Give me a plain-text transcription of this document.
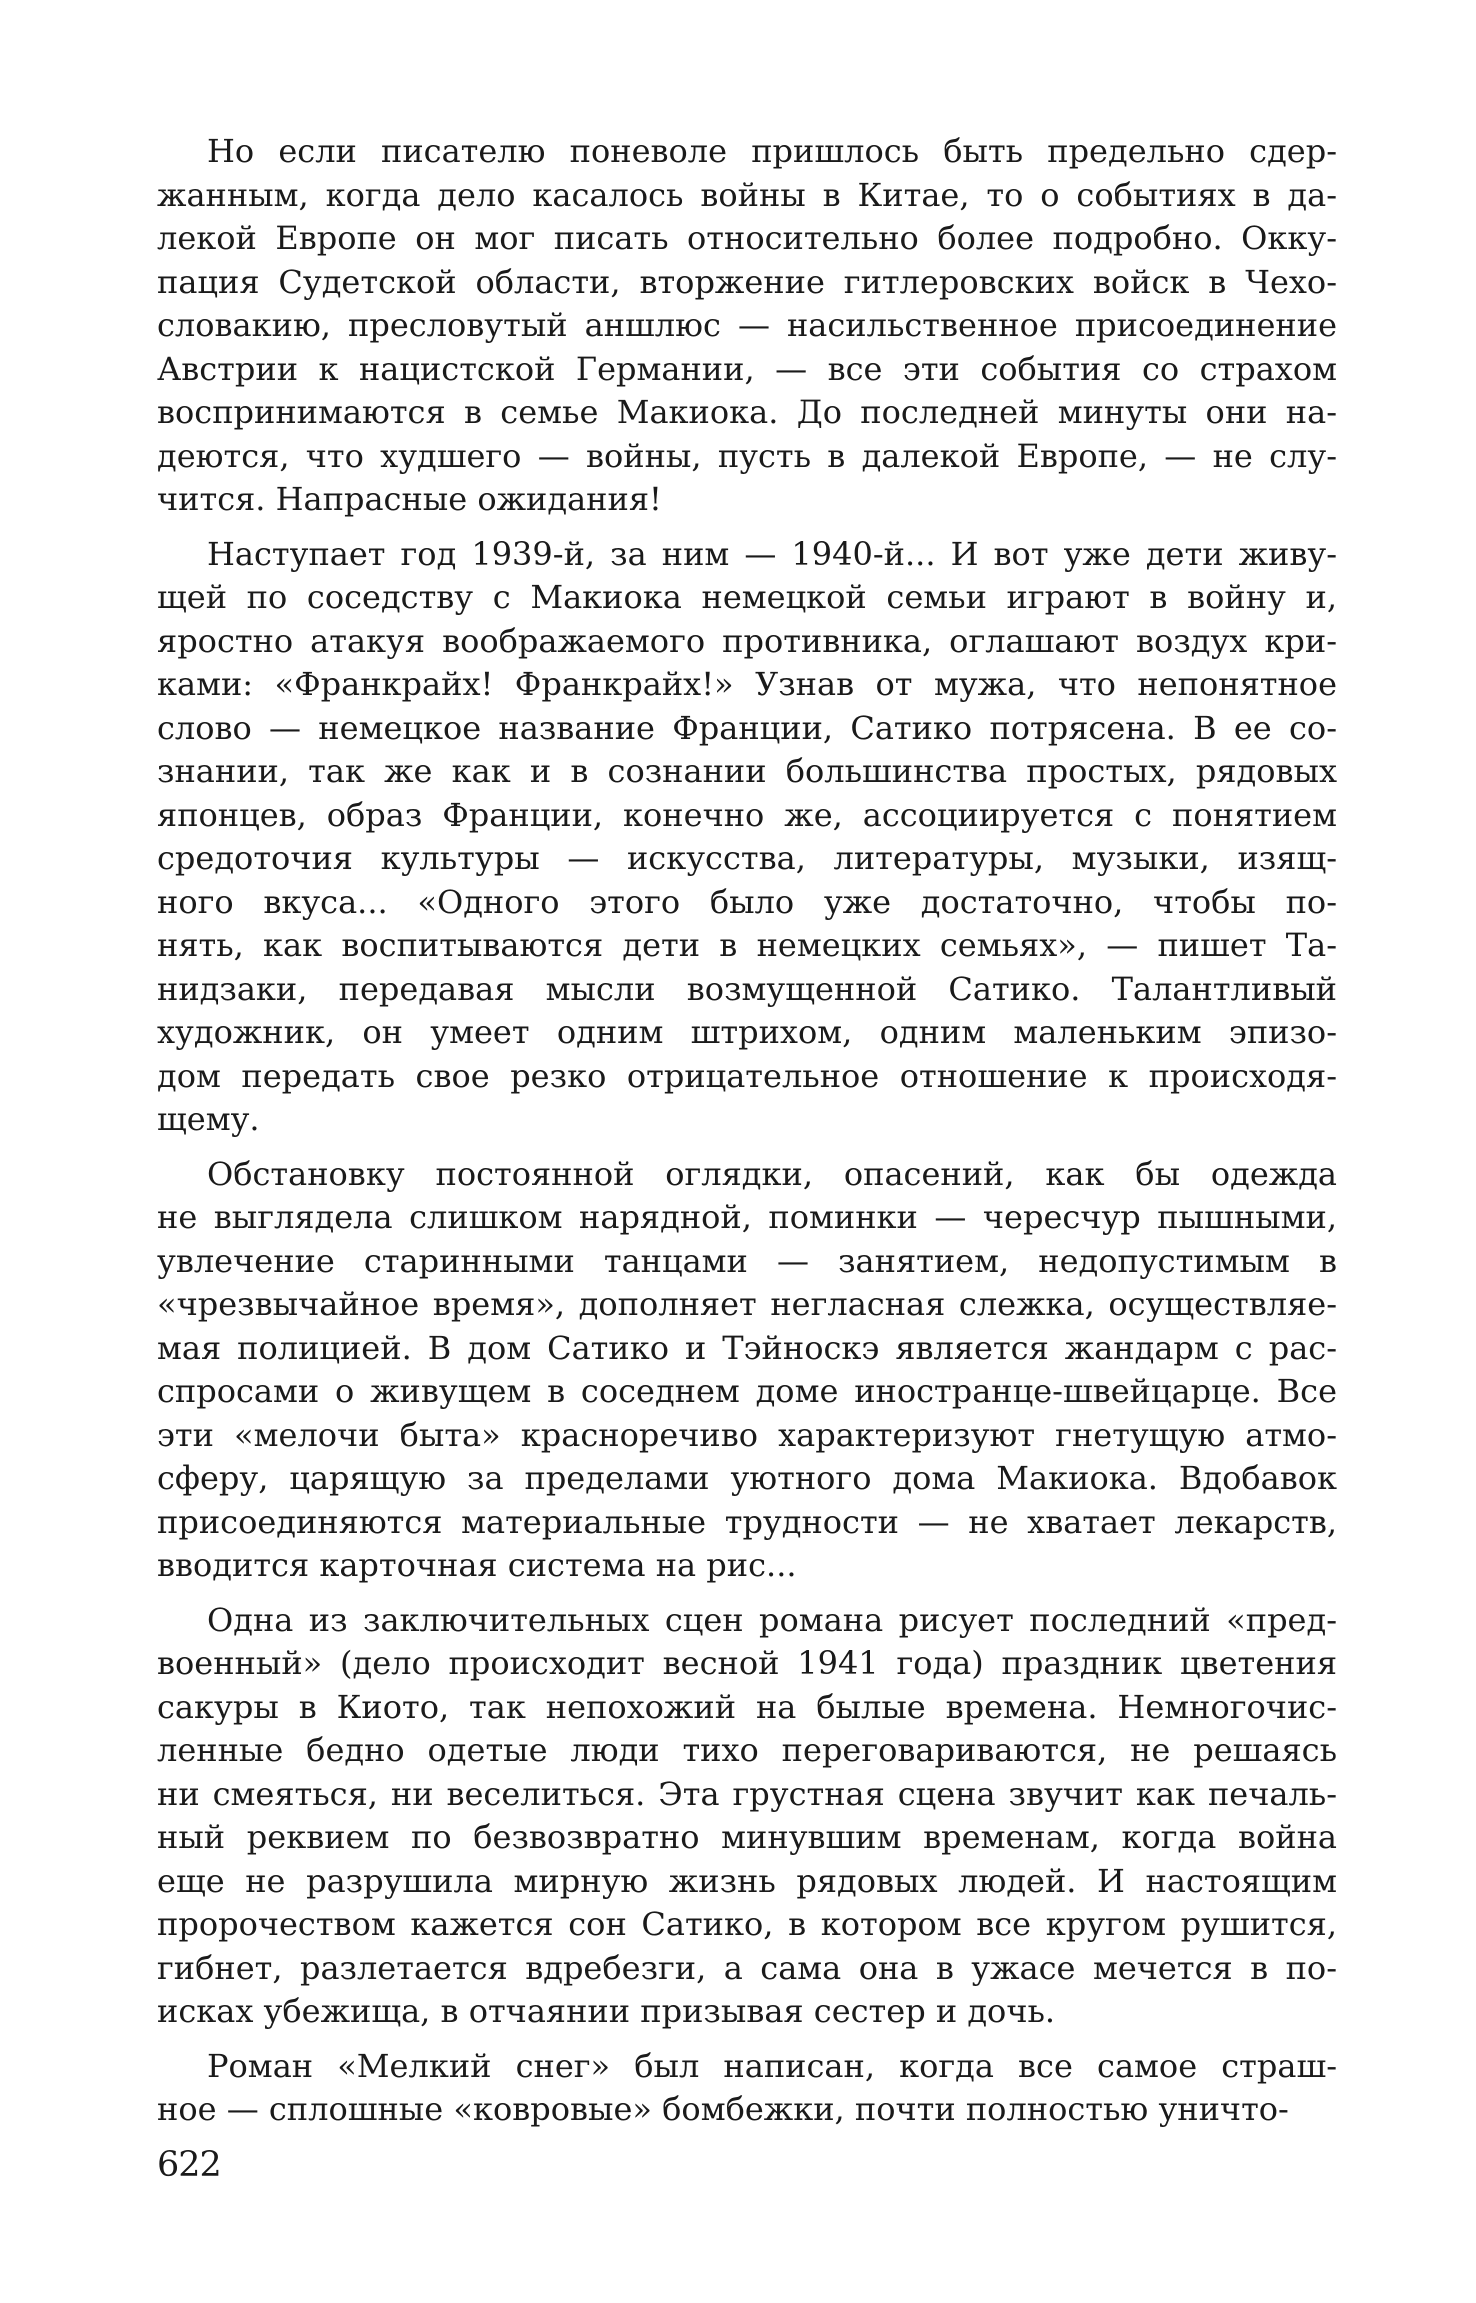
Но если писателю поневоле пришлось быть предельно сдер-
жанным, когда дело касалось войны в Китае, то о событиях в да-
лекой Европе он мог писать относительно более подробно. Окку-
пация Судетской области, вторжение гитлеровских войск в Чехо-
словакию, пресловутый аншлюс — насильственное присоединение
Австрии к нацистской Германии, — все эти события со страхом
воспринимаются в семье Макиока. До последней минуты они на-
деются, что худшего — войны, пусть в далекой Европе, — не слу-
чится. Напрасные ожидания!
Наступает год 1939-й, за ним — 1940-й... И вот уже дети живу-
щей по соседству с Макиока немецкой семьи играют в войну и,
яростно атакуя воображаемого противника, оглашают воздух кри-
ками: «Франкрайх! Франкрайх!» Узнав от мужа, что непонятное
слово — немецкое название Франции, Сатико потрясена. В ее со-
знании, так же как и в сознании большинства простых, рядовых
японцев, образ Франции, конечно же, ассоциируется с понятием
средоточия культуры — искусства, литературы, музыки, изящ-
ного вкуса... «Одного этого было уже достаточно, чтобы по-
нять, как воспитываются дети в немецких семьях», — пишет Та-
нидзаки, передавая мысли возмущенной Сатико. Талантливый
художник, он умеет одним штрихом, одним маленьким эпизо-
дом передать свое резко отрицательное отношение к происходя-
щему.
Обстановку постоянной оглядки, опасений, как бы одежда
не выглядела слишком нарядной, поминки — чересчур пышными,
увлечение старинными танцами — занятием, недопустимым в
«чрезвычайное время», дополняет негласная слежка, осуществляе-
мая полицией. В дом Сатико и Тэйноскэ является жандарм с рас-
спросами о живущем в соседнем доме иностранце-швейцарце. Все
эти «мелочи быта» красноречиво характеризуют гнетущую атмо-
сферу, царящую за пределами уютного дома Макиока. Вдобавок
присоединяются материальные трудности — не хватает лекарств,
вводится карточная система на рис...
Одна из заключительных сцен романа рисует последний «пред-
военный» (дело происходит весной 1941 года) праздник цветения
сакуры в Киото, так непохожий на былые времена. Немногочис-
ленные бедно одетые люди тихо переговариваются, не решаясь
ни смеяться, ни веселиться. Эта грустная сцена звучит как печаль-
ный реквием по безвозвратно минувшим временам, когда война
еще не разрушила мирную жизнь рядовых людей. И настоящим
пророчеством кажется сон Сатико, в котором все кругом рушится,
гибнет, разлетается вдребезги, а сама она в ужасе мечется в по-
исках убежища, в отчаянии призывая сестер и дочь.
Роман «Мелкий снег» был написан, когда все самое страш-
ное — сплошные «ковровые» бомбежки, почти полностью уничто-
622
